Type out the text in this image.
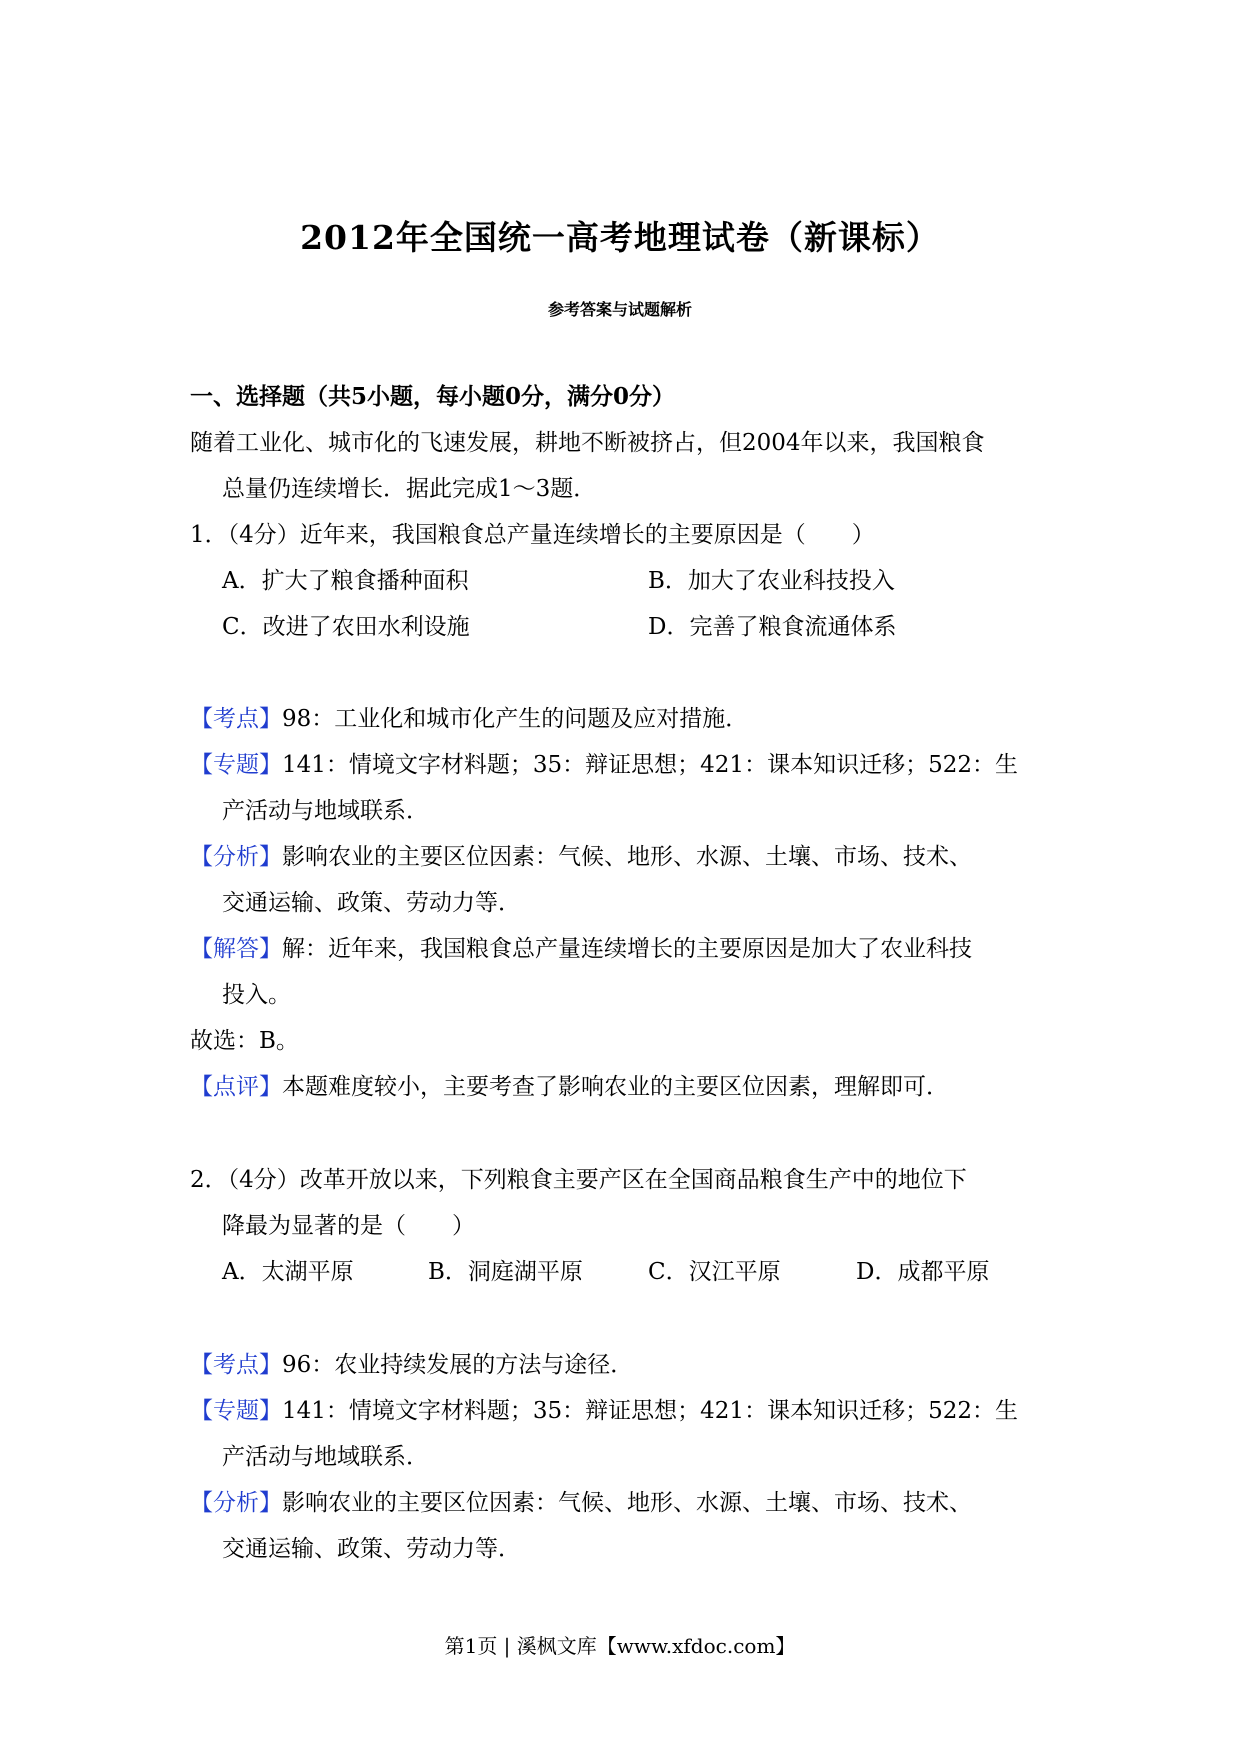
2012年全国统一高考地理试卷（新课标）
参考答案与试题解析
一、选择题（共5小题，每小题0分，满分0分）
随着工业化、城市化的飞速发展，耕地不断被挤占，但2004年以来，我国粮食
总量仍连续增长．据此完成1～3题．
1．（4分）近年来，我国粮食总产量连续增长的主要原因是（　　）
A．扩大了粮食播种面积	B．加大了农业科技投入
C．改进了农田水利设施	D．完善了粮食流通体系
【考点】98：工业化和城市化产生的问题及应对措施．
【专题】141：情境文字材料题；35：辩证思想；421：课本知识迁移；522：生
产活动与地域联系．
【分析】影响农业的主要区位因素：气候、地形、水源、土壤、市场、技术、
交通运输、政策、劳动力等．
【解答】解：近年来，我国粮食总产量连续增长的主要原因是加大了农业科技
投入。
故选：B。
【点评】本题难度较小，主要考查了影响农业的主要区位因素，理解即可．
2．（4分）改革开放以来，下列粮食主要产区在全国商品粮食生产中的地位下
降最为显著的是（　　）
A．太湖平原	B．洞庭湖平原	C．汉江平原	D．成都平原
【考点】96：农业持续发展的方法与途径．
【专题】141：情境文字材料题；35：辩证思想；421：课本知识迁移；522：生
产活动与地域联系．
【分析】影响农业的主要区位因素：气候、地形、水源、土壤、市场、技术、
交通运输、政策、劳动力等．
第1页 | 溪枫文库【www.xfdoc.com】
